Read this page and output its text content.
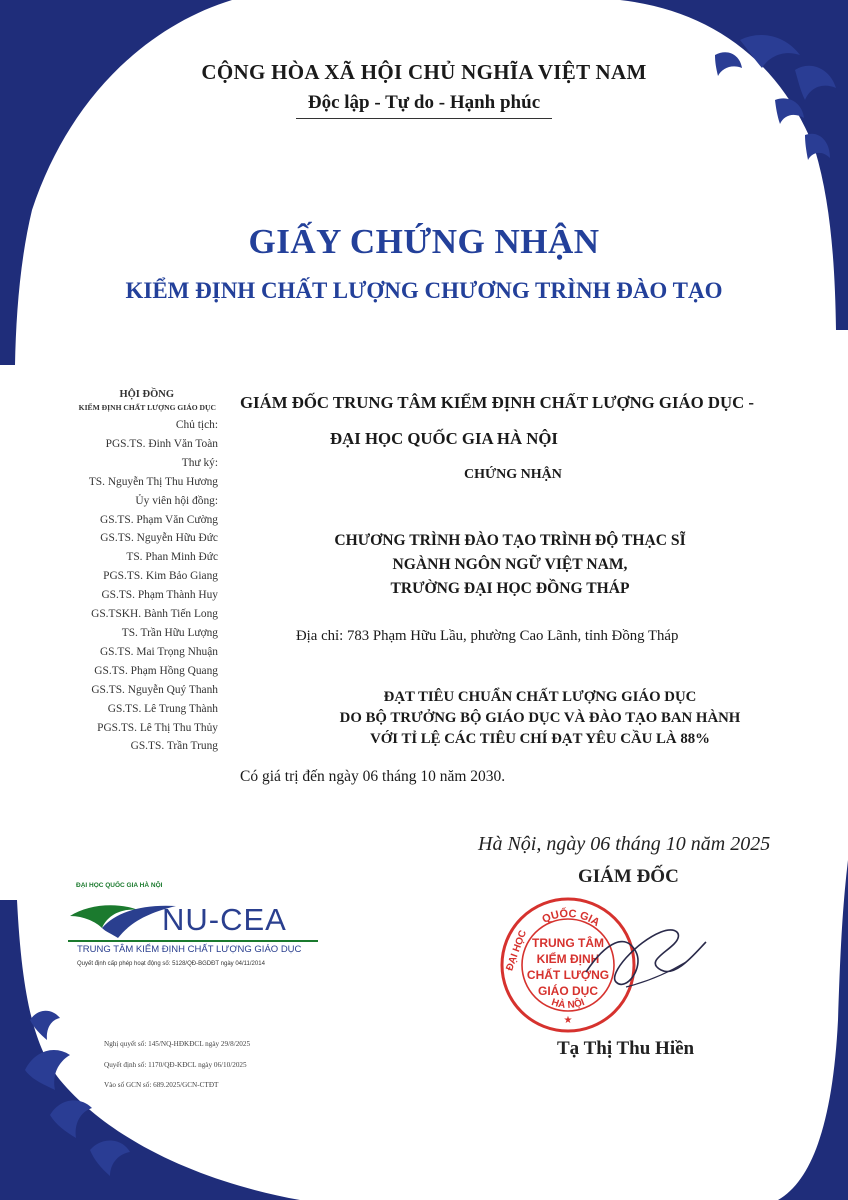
CỘNG HÒA XÃ HỘI CHỦ NGHĨA VIỆT NAM
Độc lập - Tự do - Hạnh phúc
GIẤY CHỨNG NHẬN
KIỂM ĐỊNH CHẤT LƯỢNG CHƯƠNG TRÌNH ĐÀO TẠO
HỘI ĐỒNG
KIỂM ĐỊNH CHẤT LƯỢNG GIÁO DỤC
Chủ tịch:
PGS.TS. Đinh Văn Toàn
Thư ký:
TS. Nguyễn Thị Thu Hương
Ủy viên hội đồng:
GS.TS. Phạm Văn Cường
GS.TS. Nguyễn Hữu Đức
TS. Phan Minh Đức
PGS.TS. Kim Bảo Giang
GS.TS. Phạm Thành Huy
GS.TSKH. Bành Tiến Long
TS. Trần Hữu Lượng
GS.TS. Mai Trọng Nhuận
GS.TS. Phạm Hồng Quang
GS.TS. Nguyễn Quý Thanh
GS.TS. Lê Trung Thành
PGS.TS. Lê Thị Thu Thủy
GS.TS. Trần Trung
GIÁM ĐỐC TRUNG TÂM KIỂM ĐỊNH CHẤT LƯỢNG GIÁO DỤC -
ĐẠI HỌC QUỐC GIA HÀ NỘI
CHỨNG NHẬN
CHƯƠNG TRÌNH ĐÀO TẠO TRÌNH ĐỘ THẠC SĨ
NGÀNH NGÔN NGỮ VIỆT NAM,
TRƯỜNG ĐẠI HỌC ĐỒNG THÁP
Địa chỉ: 783 Phạm Hữu Lầu, phường Cao Lãnh, tỉnh Đồng Tháp
ĐẠT TIÊU CHUẨN CHẤT LƯỢNG GIÁO DỤC
DO BỘ TRƯỞNG BỘ GIÁO DỤC VÀ ĐÀO TẠO BAN HÀNH
VỚI TỈ LỆ CÁC TIÊU CHÍ ĐẠT YÊU CẦU LÀ 88%
Có giá trị đến ngày 06 tháng 10 năm 2030.
Hà Nội, ngày 06 tháng 10 năm 2025
GIÁM ĐỐC
QUỐC GIA
ĐẠI HỌC
HÀ NỘI
TRUNG TÂM
KIỂM ĐỊNH
CHẤT LƯỢNG
GIÁO DỤC
★
Tạ Thị Thu Hiền
ĐẠI HỌC QUỐC GIA HÀ NỘI
NU-CEA
TRUNG TÂM KIỂM ĐỊNH CHẤT LƯỢNG GIÁO DỤC
Quyết định cấp phép hoạt động số: 5128/QĐ-BGDĐT ngày 04/11/2014
Nghị quyết số: 145/NQ-HĐKĐCL ngày 29/8/2025
Quyết định số: 1170/QĐ-KĐCL ngày 06/10/2025
Vào số GCN số: 689.2025/GCN-CTĐT
